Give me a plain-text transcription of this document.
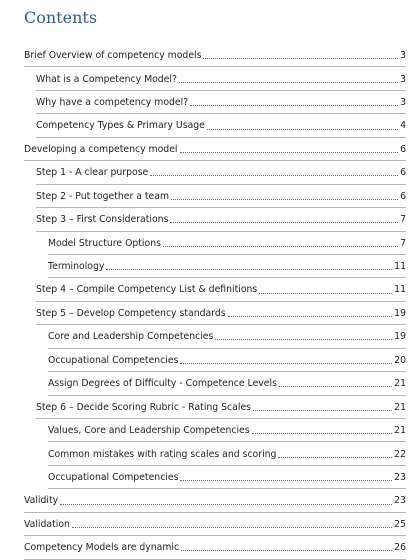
Contents
Brief Overview of competency models	3
What is a Competency Model?	3
Why have a competency model?	3
Competency Types & Primary Usage	4
Developing a competency model	6
Step 1 - A clear purpose	6
Step 2 - Put together a team	6
Step 3 – First Considerations	7
Model Structure Options	7
Terminology	11
Step 4 – Compile Competency List & definitions	11
Step 5 – Develop Competency standards	19
Core and Leadership Competencies	19
Occupational Competencies	20
Assign Degrees of Difficulty - Competence Levels	21
Step 6 – Decide Scoring Rubric - Rating Scales	21
Values, Core and Leadership Competencies	21
Common mistakes with rating scales and scoring	22
Occupational Competencies	23
Validity	23
Validation	25
Competency Models are dynamic	26
